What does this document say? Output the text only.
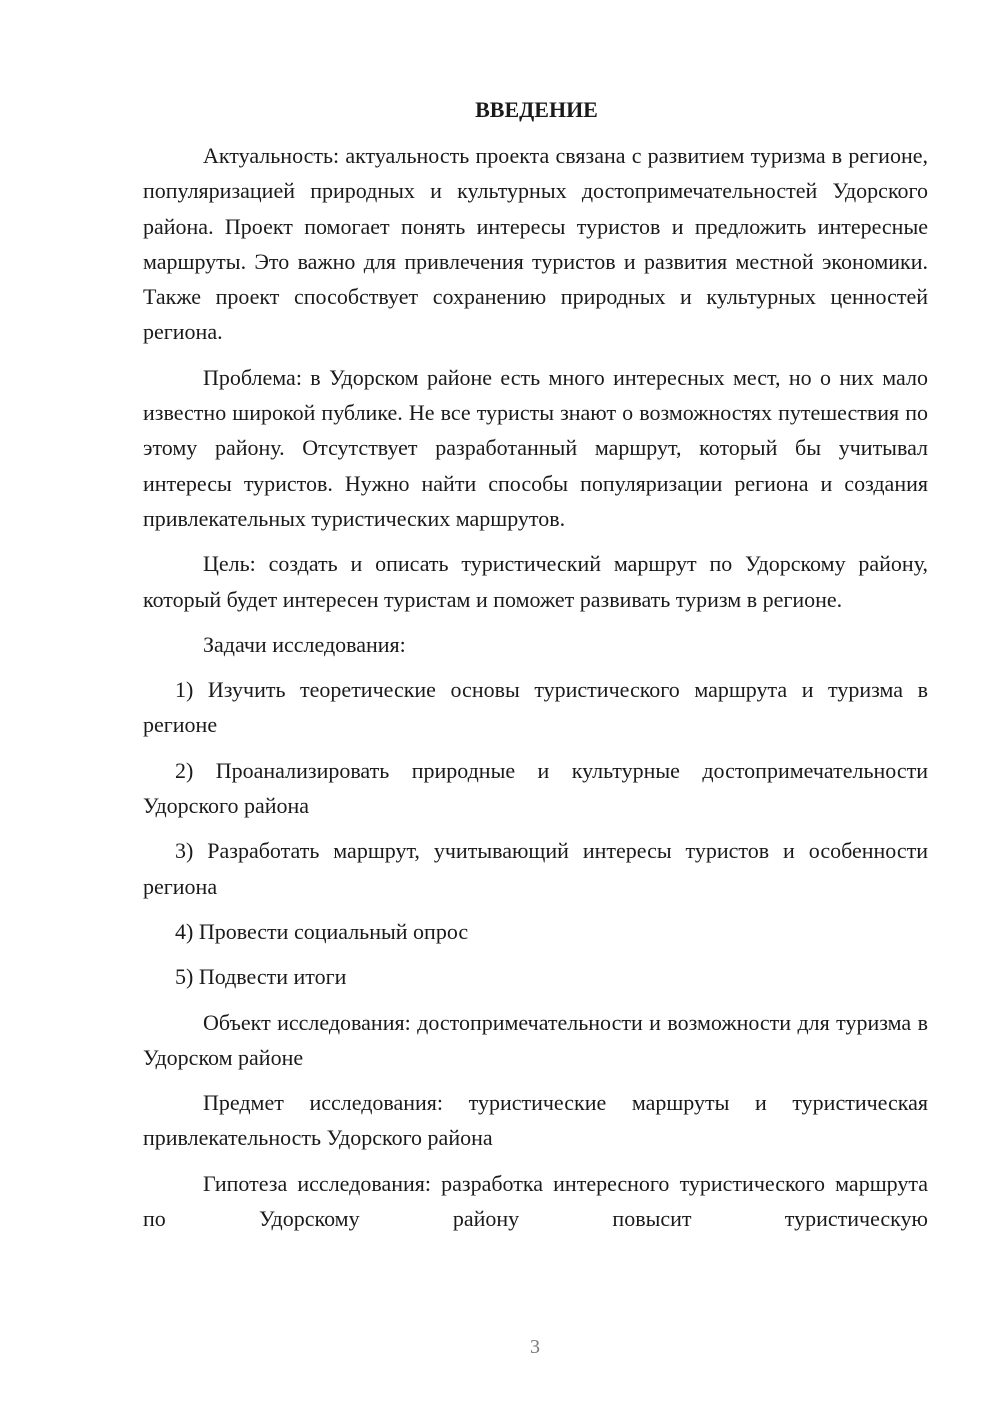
ВВЕДЕНИЕ

Актуальность: актуальность проекта связана с развитием туризма в регионе, популяризацией природных и культурных достопримечательностей Удорского района. Проект помогает понять интересы туристов и предложить интересные маршруты. Это важно для привлечения туристов и развития местной экономики. Также проект способствует сохранению природных и культурных ценностей региона.

Проблема: в Удорском районе есть много интересных мест, но о них мало известно широкой публике. Не все туристы знают о возможностях путешествия по этому району. Отсутствует разработанный маршрут, который бы учитывал интересы туристов. Нужно найти способы популяризации региона и создания привлекательных туристических маршрутов.

Цель: создать и описать туристический маршрут по Удорскому району, который будет интересен туристам и поможет развивать туризм в регионе.

Задачи исследования:

1) Изучить теоретические основы туристического маршрута и туризма в регионе

2) Проанализировать природные и культурные достопримечательности Удорского района

3) Разработать маршрут, учитывающий интересы туристов и особенности региона

4) Провести социальный опрос

5) Подвести итоги

Объект исследования: достопримечательности и возможности для туризма в Удорском районе

Предмет исследования: туристические маршруты и туристическая привлекательность Удорского района

Гипотеза исследования: разработка интересного туристического маршрута по Удорскому району повысит туристическую

3
